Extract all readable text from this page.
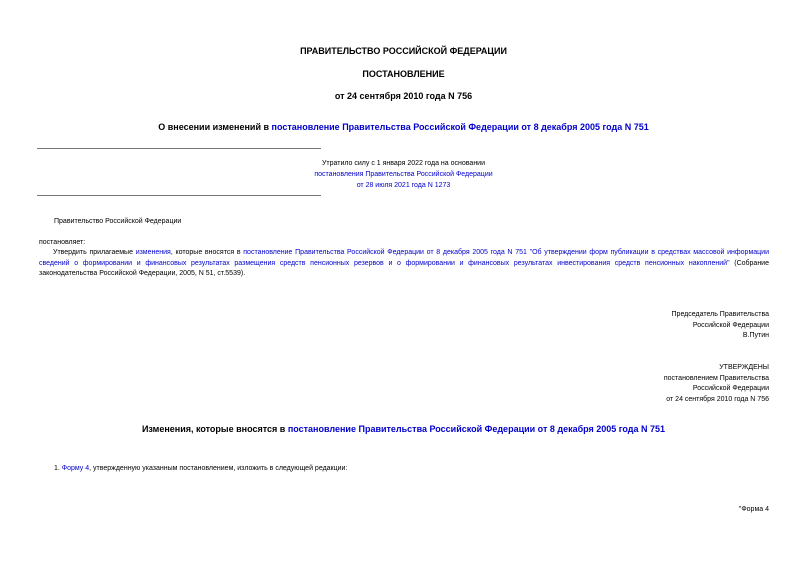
ПРАВИТЕЛЬСТВО РОССИЙСКОЙ ФЕДЕРАЦИИ
ПОСТАНОВЛЕНИЕ
от 24 сентября 2010 года N 756
О внесении изменений в постановление Правительства Российской Федерации от 8 декабря 2005 года N 751
Утратило силу с 1 января 2022 года на основании
постановления Правительства Российской Федерации
от 28 июля 2021 года N 1273
Правительство Российской Федерации
постановляет:
Утвердить прилагаемые изменения, которые вносятся в постановление Правительства Российской Федерации от 8 декабря 2005 года N 751 "Об утверждении форм публикации в средствах массовой информации сведений о формировании и финансовых результатах размещения средств пенсионных резервов и о формировании и финансовых результатах инвестирования средств пенсионных накоплений" (Собрание законодательства Российской Федерации, 2005, N 51, ст.5539).
Председатель Правительства
Российской Федерации
В.Путин
УТВЕРЖДЕНЫ
постановлением Правительства
Российской Федерации
от 24 сентября 2010 года N 756
Изменения, которые вносятся в постановление Правительства Российской Федерации от 8 декабря 2005 года N 751
1. Форму 4, утвержденную указанным постановлением, изложить в следующей редакции:
"Форма 4
